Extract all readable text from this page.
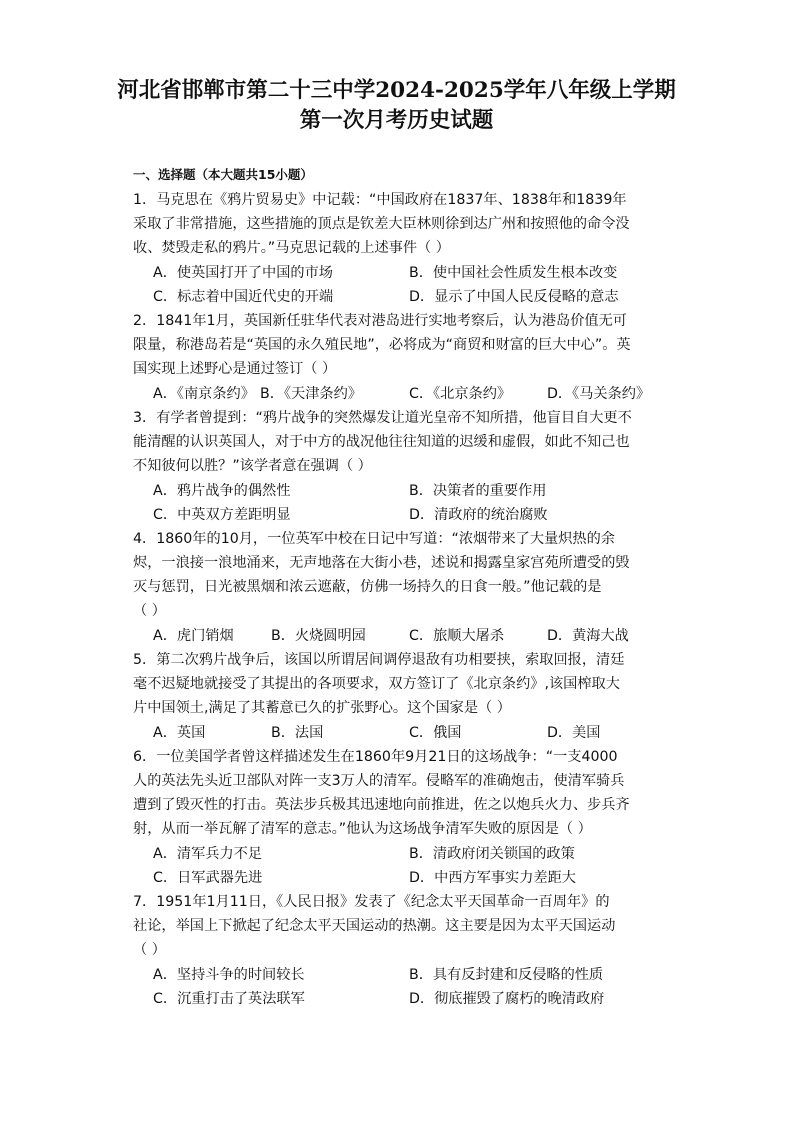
河北省邯郸市第二十三中学2024-2025学年八年级上学期
第一次月考历史试题
一、选择题（本大题共15小题）
1．马克思在《鸦片贸易史》中记载：“中国政府在1837年、1838年和1839年
采取了非常措施，这些措施的顶点是钦差大臣林则徐到达广州和按照他的命令没
收、焚毁走私的鸦片。”马克思记载的上述事件（ ）
A．使英国打开了中国的市场	B．使中国社会性质发生根本改变
C．标志着中国近代史的开端	D．显示了中国人民反侵略的意志
2．1841年1月，英国新任驻华代表对港岛进行实地考察后，认为港岛价值无可
限量，称港岛若是“英国的永久殖民地”，必将成为“商贸和财富的巨大中心”。英
国实现上述野心是通过签订（ ）
A．《南京条约》 B．《天津条约》	C．《北京条约》	D．《马关条约》
3．有学者曾提到：“鸦片战争的突然爆发让道光皇帝不知所措，他盲目自大更不
能清醒的认识英国人，对于中方的战况他往往知道的迟缓和虚假，如此不知己也
不知彼何以胜？”该学者意在强调（ ）
A．鸦片战争的偶然性	B．决策者的重要作用
C．中英双方差距明显	D．清政府的统治腐败
4．1860年的10月，一位英军中校在日记中写道：“浓烟带来了大量炽热的余
烬，一浪接一浪地涌来，无声地落在大街小巷，述说和揭露皇家宫苑所遭受的毁
灭与惩罚，日光被黑烟和浓云遮蔽，仿佛一场持久的日食一般。”他记载的是
（ ）
A．虎门销烟	B．火烧圆明园	C．旅顺大屠杀	D．黄海大战
5．第二次鸦片战争后，该国以所谓居间调停退敌有功相要挟，索取回报，清廷
毫不迟疑地就接受了其提出的各项要求，双方签订了《北京条约》,该国榨取大
片中国领土,满足了其蓄意已久的扩张野心。这个国家是（ ）
A．英国	B．法国	C．俄国	D．美国
6．一位美国学者曾这样描述发生在1860年9月21日的这场战争：“一支4000
人的英法先头近卫部队对阵一支3万人的清军。侵略军的准确炮击，使清军骑兵
遭到了毁灭性的打击。英法步兵极其迅速地向前推进，佐之以炮兵火力、步兵齐
射，从而一举瓦解了清军的意志。”他认为这场战争清军失败的原因是（ ）
A．清军兵力不足	B．清政府闭关锁国的政策
C．日军武器先进	D．中西方军事实力差距大
7．1951年1月11日，《人民日报》发表了《纪念太平天国革命一百周年》的
社论，举国上下掀起了纪念太平天国运动的热潮。这主要是因为太平天国运动
（ ）
A．坚持斗争的时间较长	B．具有反封建和反侵略的性质
C．沉重打击了英法联军	D．彻底摧毁了腐朽的晚清政府
